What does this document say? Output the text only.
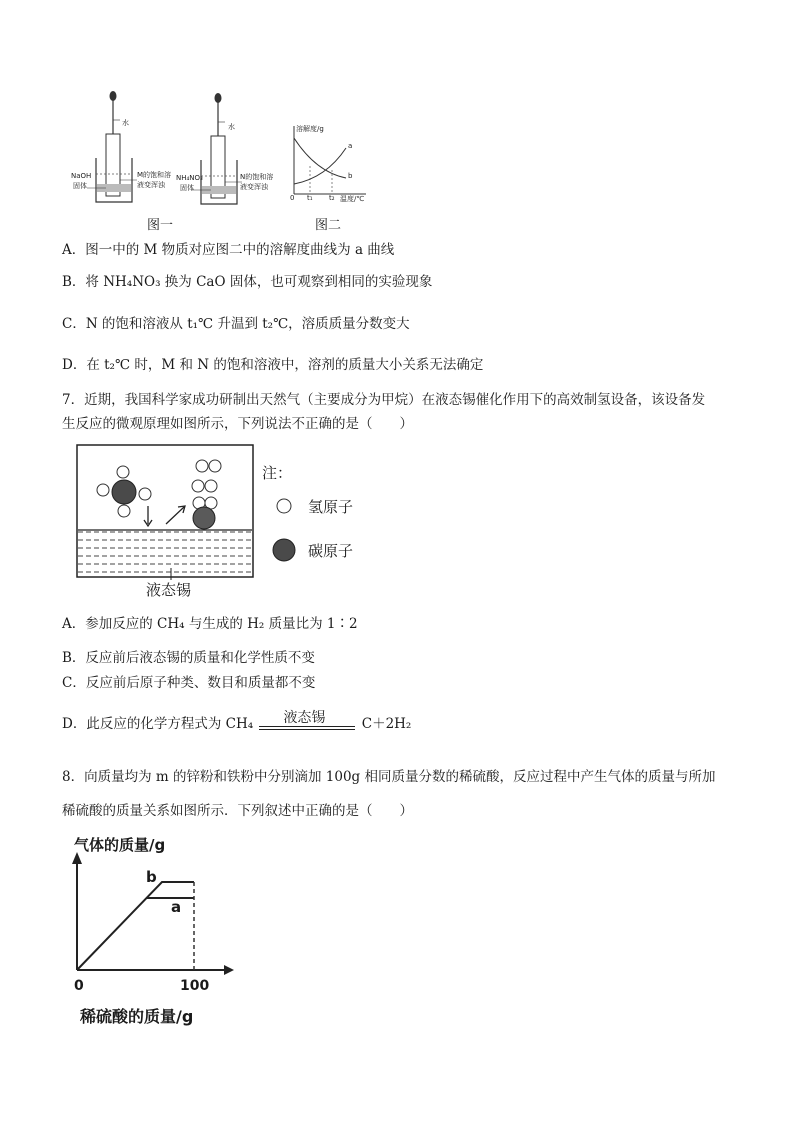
水
NaOH
固体
M的饱和溶
液变浑浊
水
NH₄NO₃
固体
N的饱和溶
液变浑浊
溶解度/g
a
b
0 t₁ t₂ 温度/℃
图一	图二
A．图一中的 M 物质对应图二中的溶解度曲线为 a 曲线
B．将 NH₄NO₃ 换为 CaO 固体，也可观察到相同的实验现象
C．N 的饱和溶液从 t₁℃ 升温到 t₂℃，溶质质量分数变大
D．在 t₂℃ 时，M 和 N 的饱和溶液中，溶剂的质量大小关系无法确定
7．近期，我国科学家成功研制出天然气（主要成分为甲烷）在液态锡催化作用下的高效制氢设备，该设备发
生反应的微观原理如图所示，下列说法不正确的是（　　）
注：
氢原子
碳原子
液态锡
A．参加反应的 CH₄ 与生成的 H₂ 质量比为 1∶2
B．反应前后液态锡的质量和化学性质不变
C．反应前后原子种类、数目和质量都不变
D．此反应的化学方程式为 CH₄ 液态锡	C＋2H₂
8．向质量均为 m 的锌粉和铁粉中分别滴加 100g 相同质量分数的稀硫酸，反应过程中产生气体的质量与所加
稀硫酸的质量关系如图所示．下列叙述中正确的是（　　）
气体的质量/g
b
a
0	100
稀硫酸的质量/g
